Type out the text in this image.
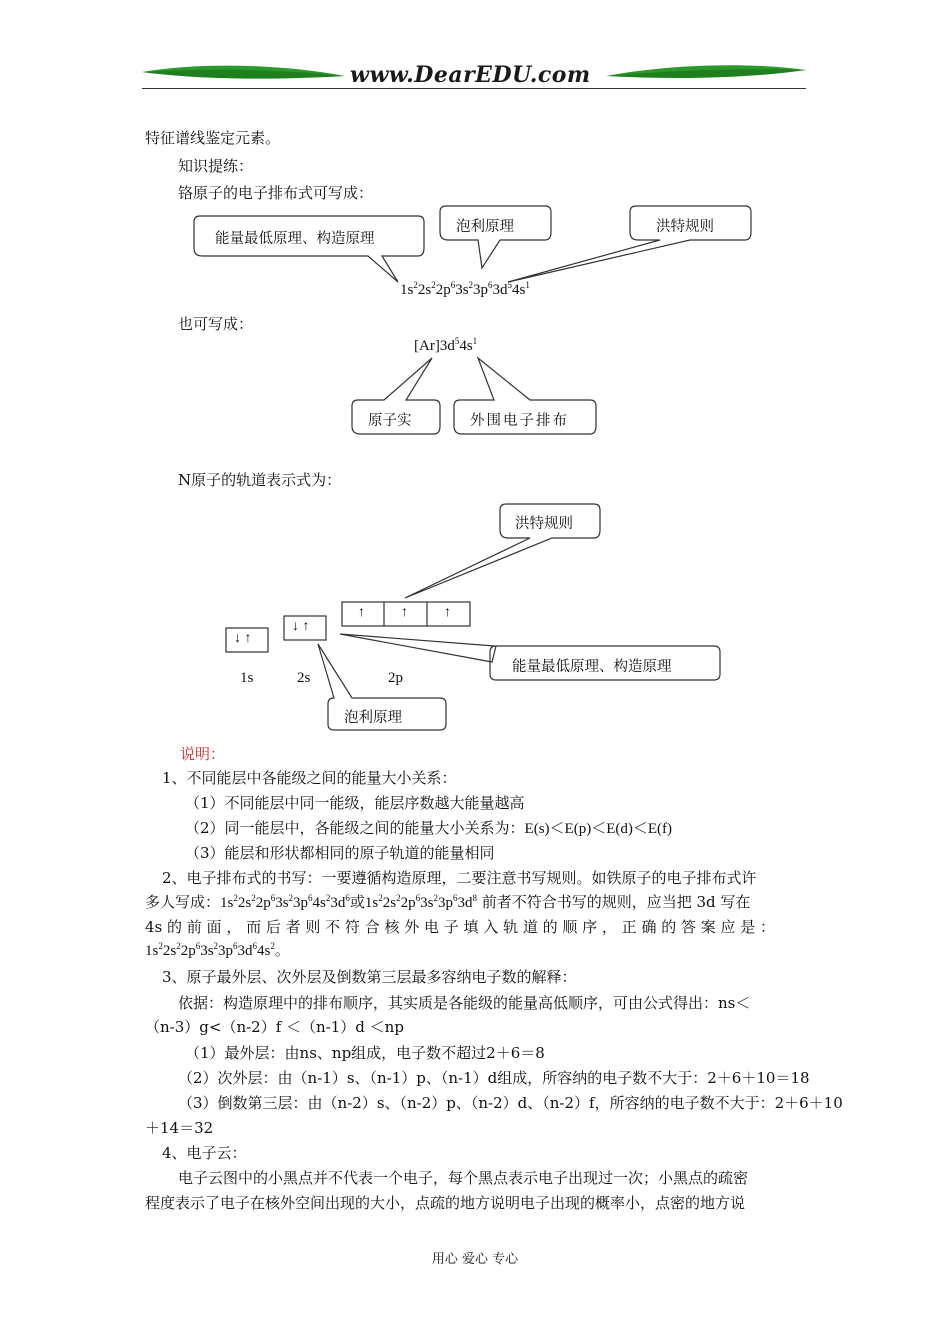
www.DearEDU.com
特征谱线鉴定元素。
知识提练：
铬原子的电子排布式可写成：
能量最低原理、构造原理
泡利原理	洪特规则
$1s^22s^22p^63s^23p^63d^54s^1$
也可写成：
$[Ar]3d^54s^1$
原子实	外围电子排布
N原子的轨道表示式为：
↓ ↑
↓ ↑
↑	↑	↑
1s	2s	2p
洪特规则
能量最低原理、构造原理
泡利原理
说明：
1、不同能层中各能级之间的能量大小关系：
（1）不同能层中同一能级，能层序数越大能量越高
（2）同一能层中，各能级之间的能量大小关系为：E(s)＜E(p)＜E(d)＜E(f)
（3）能层和形状都相同的原子轨道的能量相同
2、电子排布式的书写：一要遵循构造原理，二要注意书写规则。如铁原子的电子排布式许
多人写成：$1s^22s^22p^63s^23p^64s^23d^6$或$1s^22s^22p^63s^23p^63d^8$ 前者不符合书写的规则，应当把 3d 写在
4s 的 前 面 ， 而 后 者 则 不 符 合 核 外 电 子 填 入 轨 道 的 顺 序 ， 正 确 的 答 案 应 是 ：
$1s^22s^22p^63s^23p^63d^64s^2$。
3、原子最外层、次外层及倒数第三层最多容纳电子数的解释：
依据：构造原理中的排布顺序，其实质是各能级的能量高低顺序，可由公式得出：ns＜
（n-3）g<（n-2）f ＜（n-1）d ＜np
（1）最外层：由ns、np组成，电子数不超过2＋6＝8
（2）次外层：由（n-1）s、（n-1）p、（n-1）d组成，所容纳的电子数不大于：2＋6＋10＝18
（3）倒数第三层：由（n-2）s、（n-2）p、（n-2）d、（n-2）f，所容纳的电子数不大于：2＋6＋10
＋14＝32
4、电子云：
电子云图中的小黑点并不代表一个电子，每个黑点表示电子出现过一次；小黑点的疏密
程度表示了电子在核外空间出现的大小，点疏的地方说明电子出现的概率小，点密的地方说
用心 爱心 专心
